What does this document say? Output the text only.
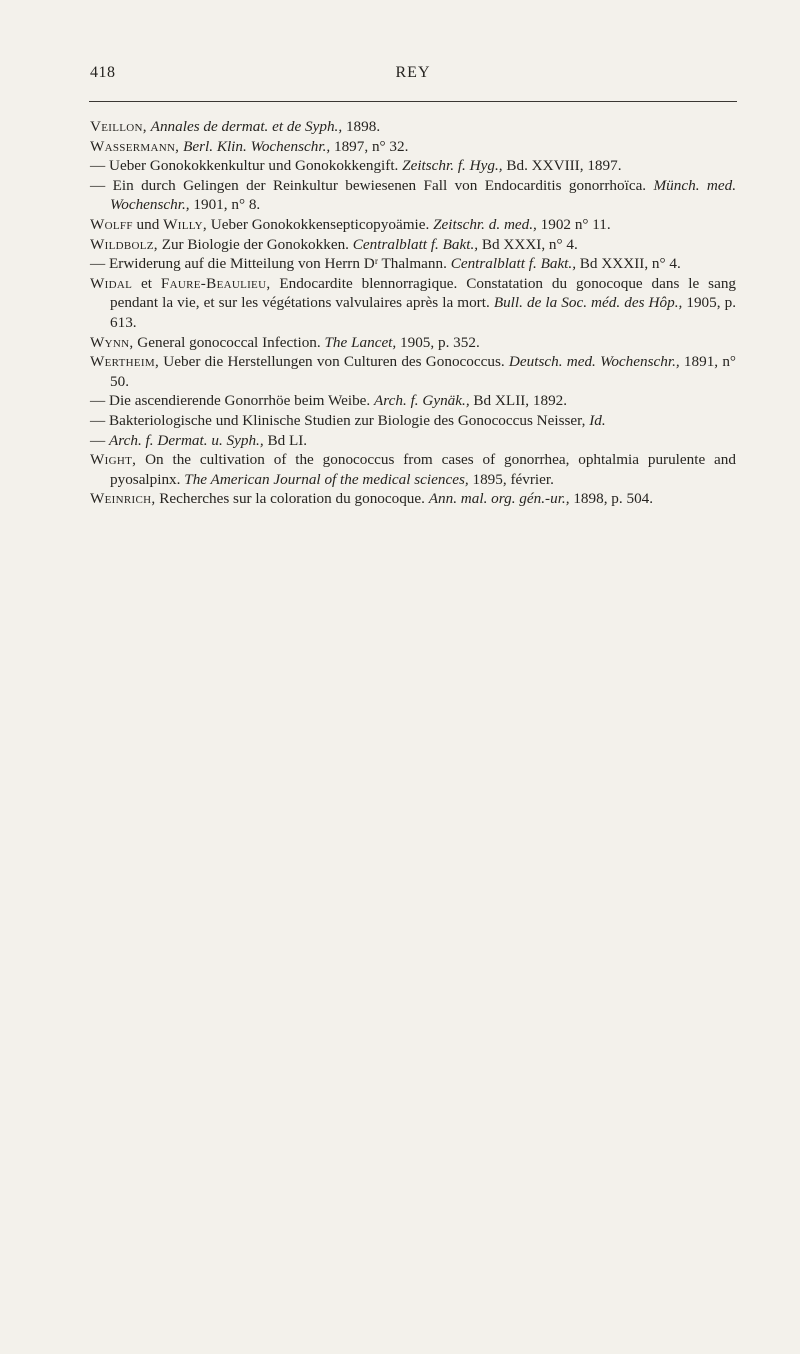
418	REY
Veillon, Annales de dermat. et de Syph., 1898.
Wassermann, Berl. Klin. Wochenschr., 1897, n° 32.
— Ueber Gonokokkenkultur und Gonokokkengift. Zeitschr. f. Hyg., Bd. XXVIII, 1897.
— Ein durch Gelingen der Reinkultur bewiesenen Fall von Endocarditis gonorrhoïca. Münch. med. Wochenschr., 1901, n° 8.
Wolff und Willy, Ueber Gonokokkensepticopyoämie. Zeitschr. d. med., 1902 n° 11.
Wildbolz, Zur Biologie der Gonokokken. Centralblatt f. Bakt., Bd XXXI, n° 4.
— Erwiderung auf die Mitteilung von Herrn Dʳ Thalmann. Centralblatt f. Bakt., Bd XXXII, n° 4.
Widal et Faure-Beaulieu, Endocardite blennorragique. Constatation du gonocoque dans le sang pendant la vie, et sur les végétations valvulaires après la mort. Bull. de la Soc. méd. des Hôp., 1905, p. 613.
Wynn, General gonococcal Infection. The Lancet, 1905, p. 352.
Wertheim, Ueber die Herstellungen von Culturen des Gonococcus. Deutsch. med. Wochenschr., 1891, n° 50.
— Die ascendierende Gonorrhöe beim Weibe. Arch. f. Gynäk., Bd XLII, 1892.
— Bakteriologische und Klinische Studien zur Biologie des Gonococcus Neisser, Id.
— Arch. f. Dermat. u. Syph., Bd LI.
Wight, On the cultivation of the gonococcus from cases of gonorrhea, ophtalmia purulente and pyosalpinx. The American Journal of the medical sciences, 1895, février.
Weinrich, Recherches sur la coloration du gonocoque. Ann. mal. org. gén.-ur., 1898, p. 504.
